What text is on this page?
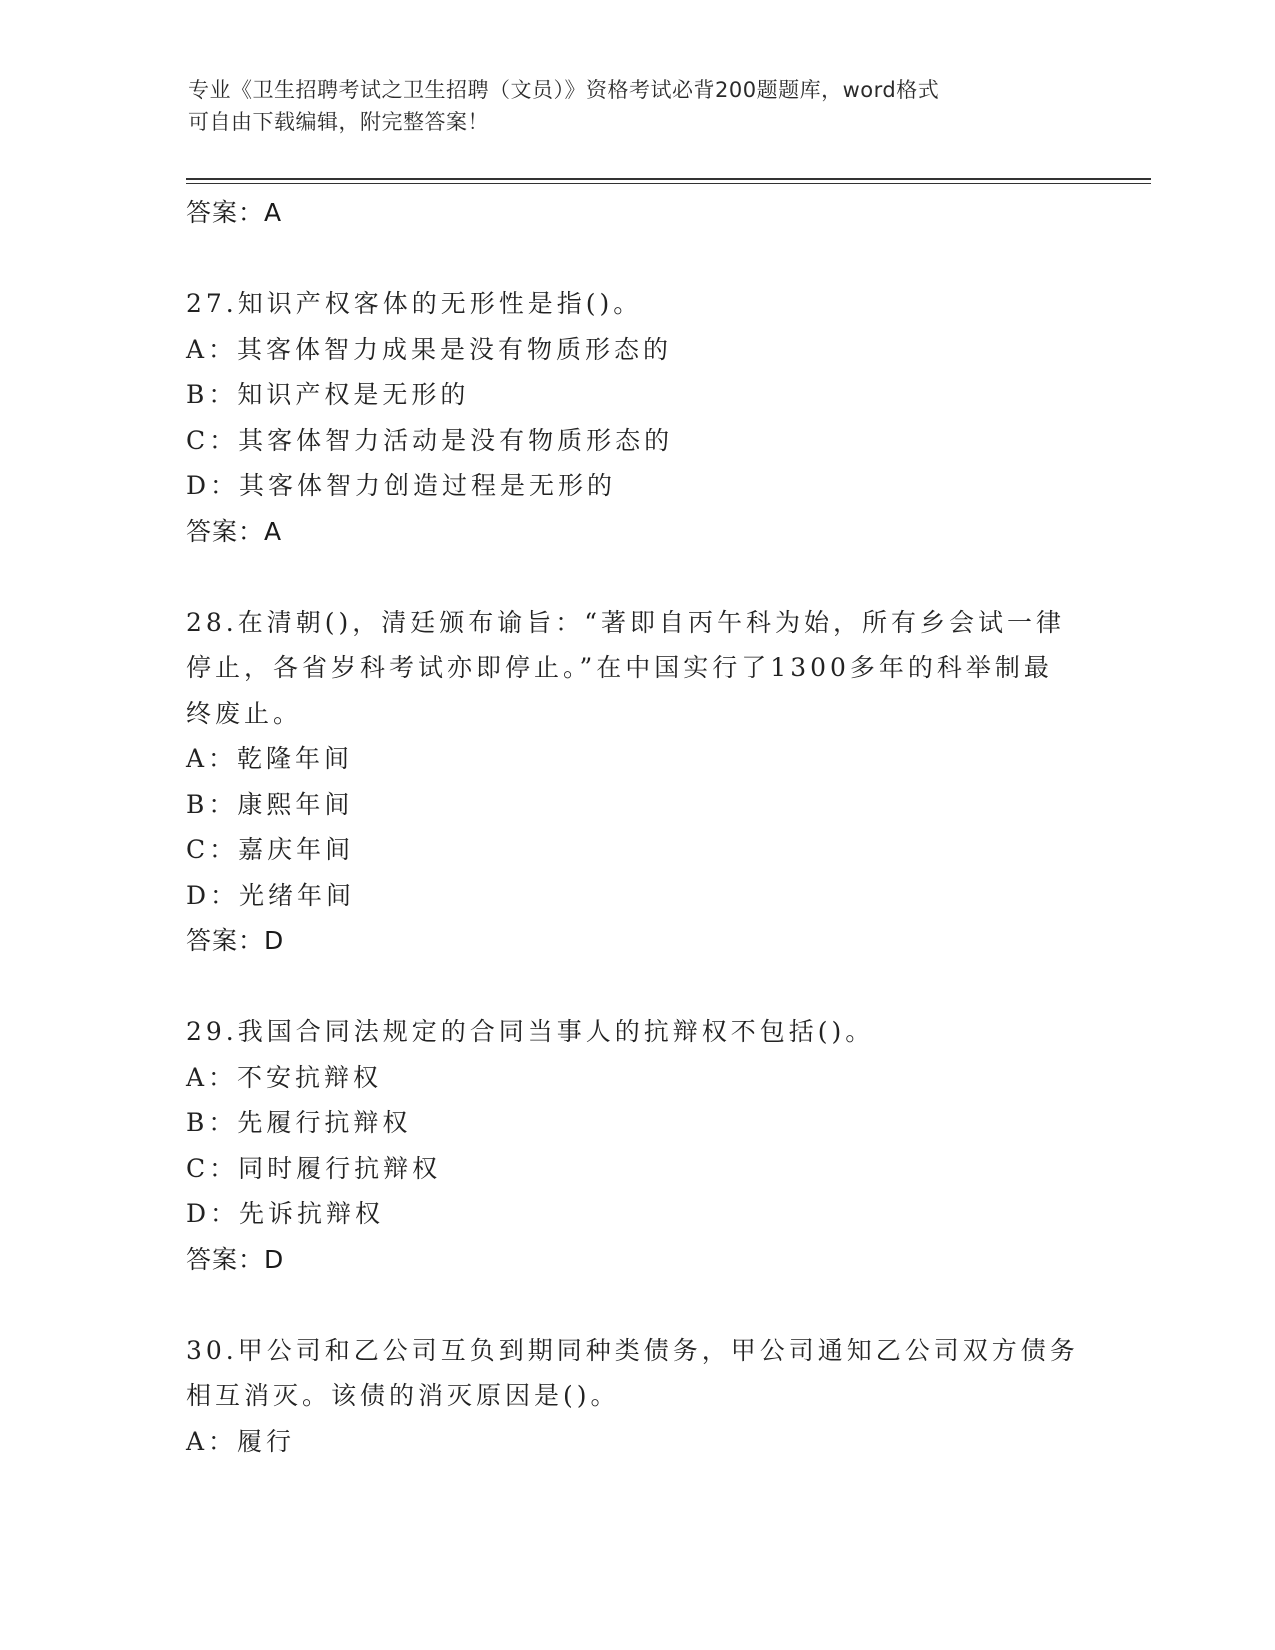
专业《卫生招聘考试之卫生招聘（文员）》资格考试必背200题题库，word格式
可自由下载编辑，附完整答案！
答案：A
27.知识产权客体的无形性是指()。
A：其客体智力成果是没有物质形态的
B：知识产权是无形的
C：其客体智力活动是没有物质形态的
D：其客体智力创造过程是无形的
答案：A
28.在清朝()，清廷颁布谕旨：“著即自丙午科为始，所有乡会试一律
停止，各省岁科考试亦即停止。”在中国实行了1300多年的科举制最
终废止。
A：乾隆年间
B：康熙年间
C：嘉庆年间
D：光绪年间
答案：D
29.我国合同法规定的合同当事人的抗辩权不包括()。
A：不安抗辩权
B：先履行抗辩权
C：同时履行抗辩权
D：先诉抗辩权
答案：D
30.甲公司和乙公司互负到期同种类债务，甲公司通知乙公司双方债务
相互消灭。该债的消灭原因是()。
A：履行
